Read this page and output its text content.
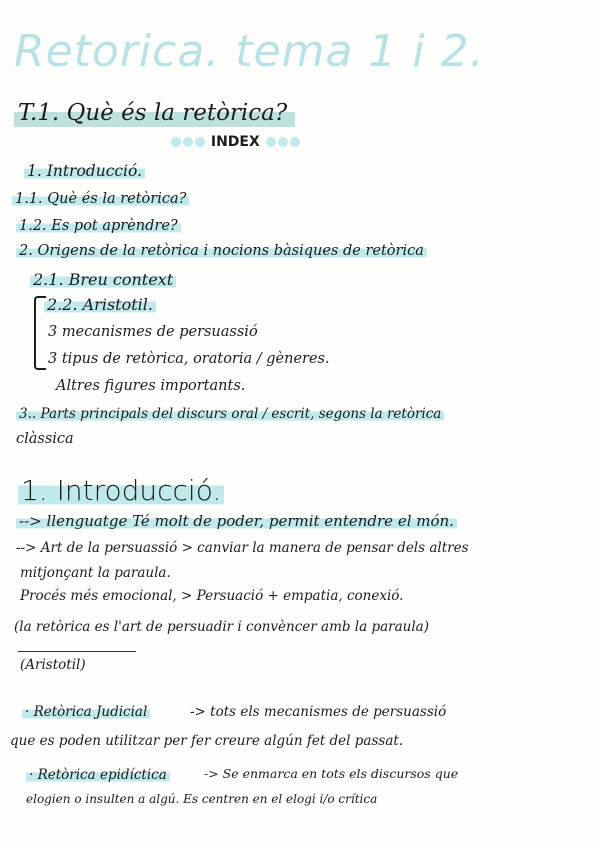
Retorica. tema 1 i 2.
T.1. Què és la retòrica?
INDEX
1. Introducció.
1.1. Què és la retòrica?
1.2. Es pot aprèndre?
2. Origens de la retòrica i nocions bàsiques de retòrica
2.1. Breu context
2.2. Aristotil.
3 mecanismes de persuassió
3 tipus de retòrica, oratoria / gèneres.
Altres figures importants.
3.. Parts principals del discurs oral / escrit, segons la retòrica
clàssica
1. Introducció.
--> llenguatge Té molt de poder, permit entendre el món.
--> Art de la persuassió > canviar la manera de pensar dels altres
mitjonçant la paraula.
Procés més emocional, > Persuació + empatia, conexió.
(la retòrica es l'art de persuadir i convèncer amb la paraula)
(Aristotil)
· Retòrica Judicial	-> tots els mecanismes de persuassió
que es poden utilitzar per fer creure algún fet del passat.
· Retòrica epidíctica	-> Se enmarca en tots els discursos que
elogien o insulten a algú. Es centren en el elogi i/o crítica
